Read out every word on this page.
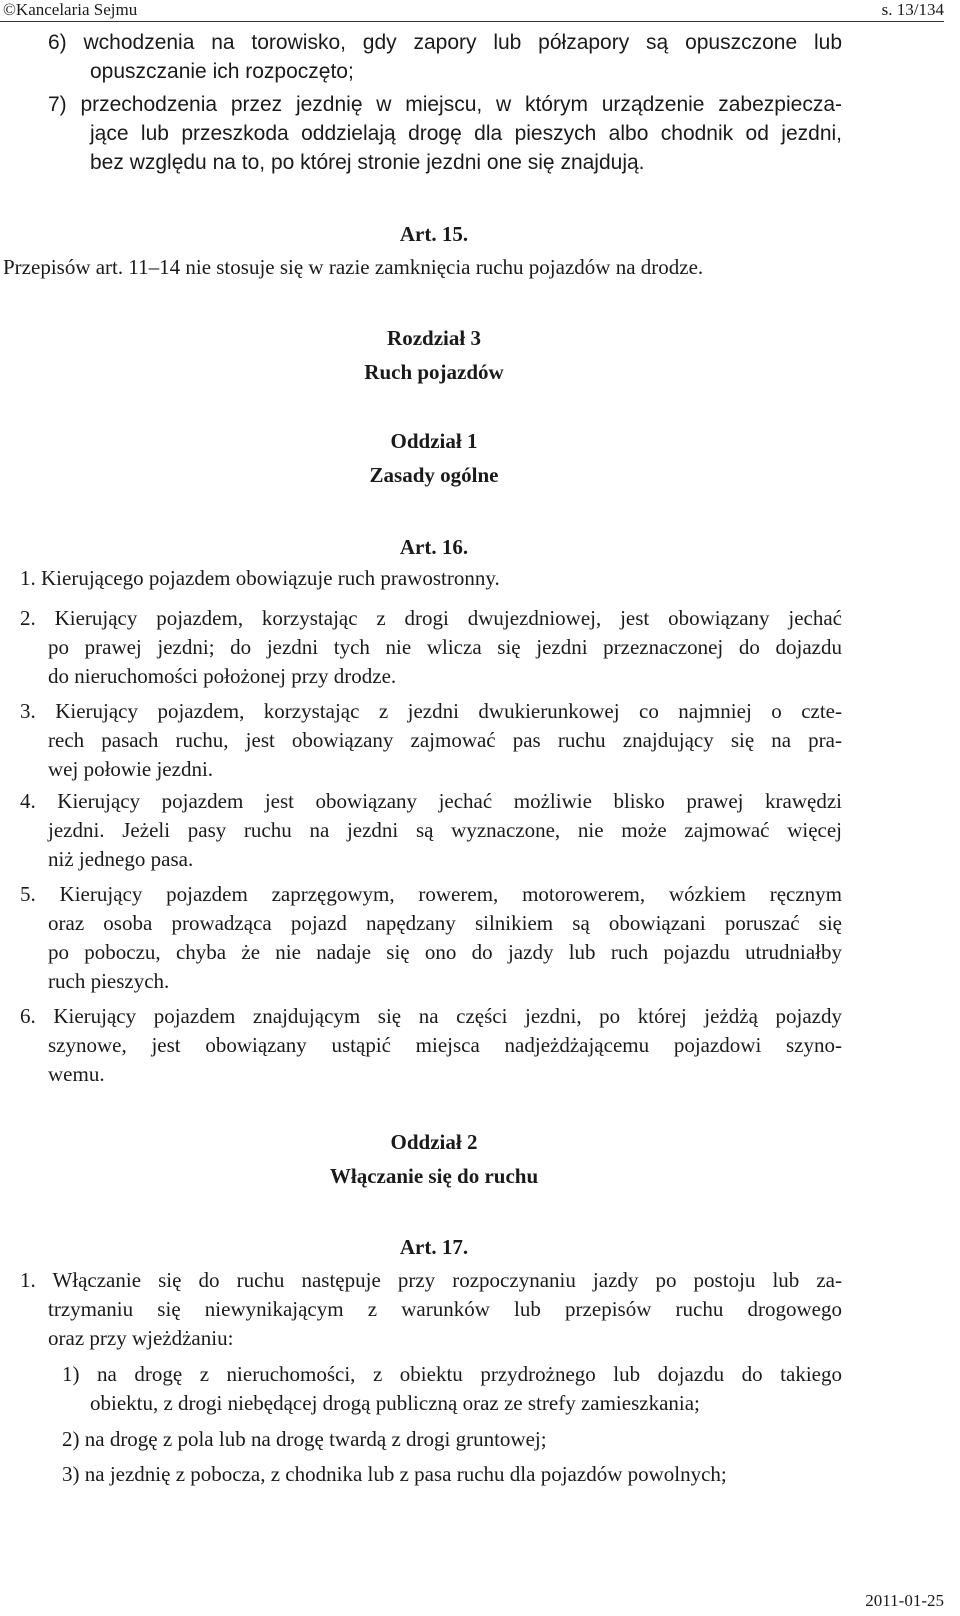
©Kancelaria Sejmu	s. 13/134
6) wchodzenia na torowisko, gdy zapory lub półzapory są opuszczone lub
opuszczanie ich rozpoczęto;
7) przechodzenia przez jezdnię w miejscu, w którym urządzenie zabezpiecza-
jące lub przeszkoda oddzielają drogę dla pieszych albo chodnik od jezdni,
bez względu na to, po której stronie jezdni one się znajdują.
Art. 15.
Przepisów art. 11–14 nie stosuje się w razie zamknięcia ruchu pojazdów na drodze.
Rozdział 3
Ruch pojazdów
Oddział 1
Zasady ogólne
Art. 16.
1. Kierującego pojazdem obowiązuje ruch prawostronny.
2. Kierujący pojazdem, korzystając z drogi dwujezdniowej, jest obowiązany jechać
po prawej jezdni; do jezdni tych nie wlicza się jezdni przeznaczonej do dojazdu
do nieruchomości położonej przy drodze.
3. Kierujący pojazdem, korzystając z jezdni dwukierunkowej co najmniej o czte-
rech pasach ruchu, jest obowiązany zajmować pas ruchu znajdujący się na pra-
wej połowie jezdni.
4. Kierujący pojazdem jest obowiązany jechać możliwie blisko prawej krawędzi
jezdni. Jeżeli pasy ruchu na jezdni są wyznaczone, nie może zajmować więcej
niż jednego pasa.
5. Kierujący pojazdem zaprzęgowym, rowerem, motorowerem, wózkiem ręcznym
oraz osoba prowadząca pojazd napędzany silnikiem są obowiązani poruszać się
po poboczu, chyba że nie nadaje się ono do jazdy lub ruch pojazdu utrudniałby
ruch pieszych.
6. Kierujący pojazdem znajdującym się na części jezdni, po której jeżdżą pojazdy
szynowe, jest obowiązany ustąpić miejsca nadjeżdżającemu pojazdowi szyno-
wemu.
Oddział 2
Włączanie się do ruchu
Art. 17.
1. Włączanie się do ruchu następuje przy rozpoczynaniu jazdy po postoju lub za-
trzymaniu się niewynikającym z warunków lub przepisów ruchu drogowego
oraz przy wjeżdżaniu:
1) na drogę z nieruchomości, z obiektu przydrożnego lub dojazdu do takiego
obiektu, z drogi niebędącej drogą publiczną oraz ze strefy zamieszkania;
2) na drogę z pola lub na drogę twardą z drogi gruntowej;
3) na jezdnię z pobocza, z chodnika lub z pasa ruchu dla pojazdów powolnych;
2011-01-25
